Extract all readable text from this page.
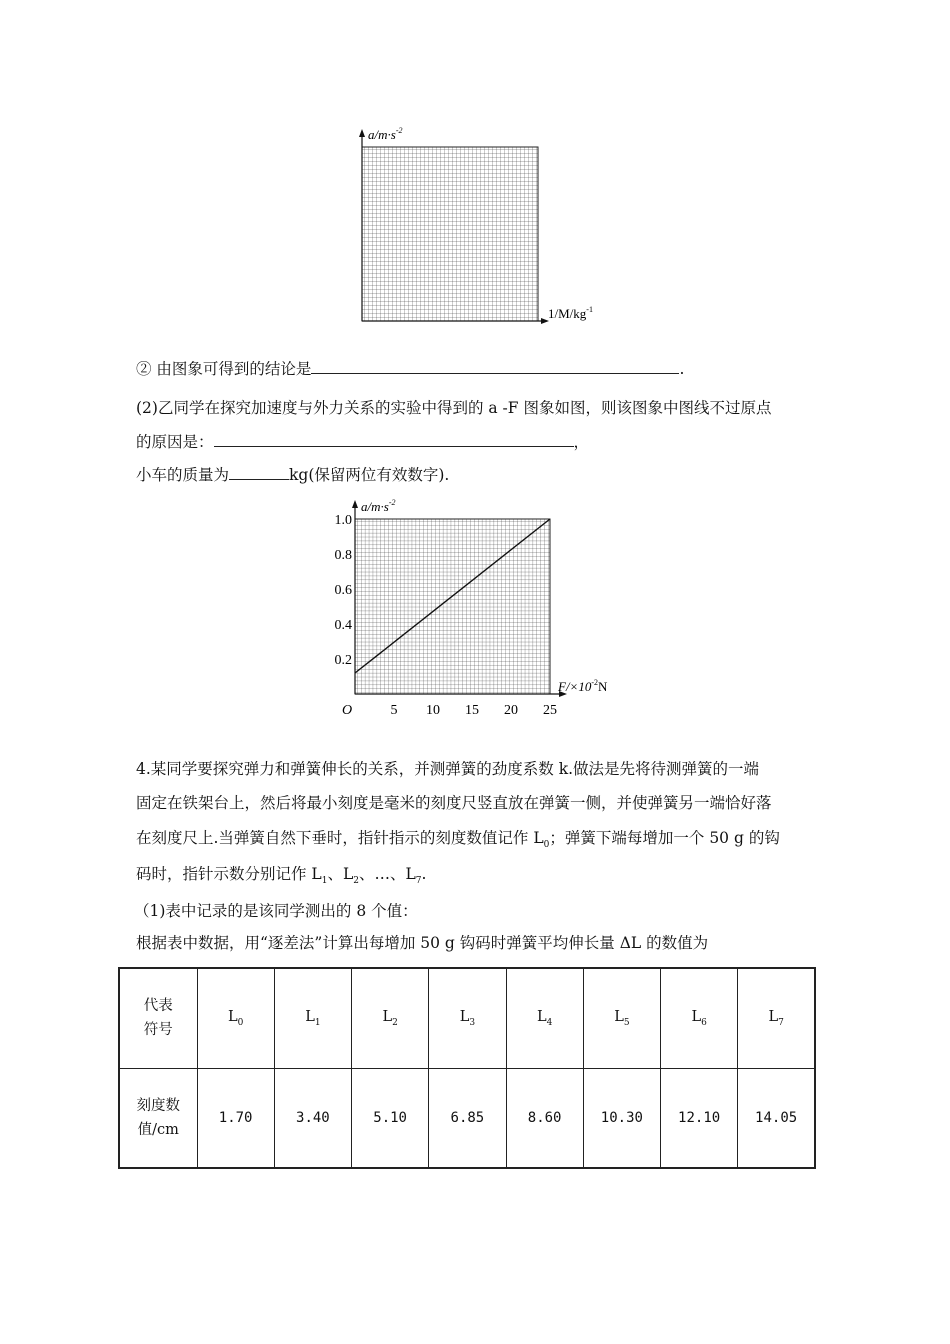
$a/m\cdot s^{-2}$
$1/M/kg^{-1}$
② 由图象可得到的结论是	.
(2)乙同学在探究加速度与外力关系的实验中得到的 a -F 图象如图，则该图象中图线不过原点
的原因是：	，
小车的质量为	kg(保留两位有效数字).
$a/m\cdot s^{-2}$
$F/\times 10^{-2}N$
O	5 10 15 20 25
0.2
0.4
0.6
0.8
1.0
4.某同学要探究弹力和弹簧伸长的关系，并测弹簧的劲度系数 k.做法是先将待测弹簧的一端
固定在铁架台上，然后将最小刻度是毫米的刻度尺竖直放在弹簧一侧，并使弹簧另一端恰好落
在刻度尺上.当弹簧自然下垂时，指针指示的刻度数值记作 $L_0$；弹簧下端每增加一个 50 g 的钩
码时，指针示数分别记作 $L_1$、$L_2$、…、$L_7$.
（1)表中记录的是该同学测出的 8 个值：
根据表中数据，用“逐差法”计算出每增加 50 g 钩码时弹簧平均伸长量 ΔL 的数值为
代表
符号	$L_0$	$L_1$	$L_2$	$L_3$	$L_4$	$L_5$	$L_6$	$L_7$
刻度数
值/cm	1.70	3.40	5.10	6.85	8.60	10.30	12.10	14.05
